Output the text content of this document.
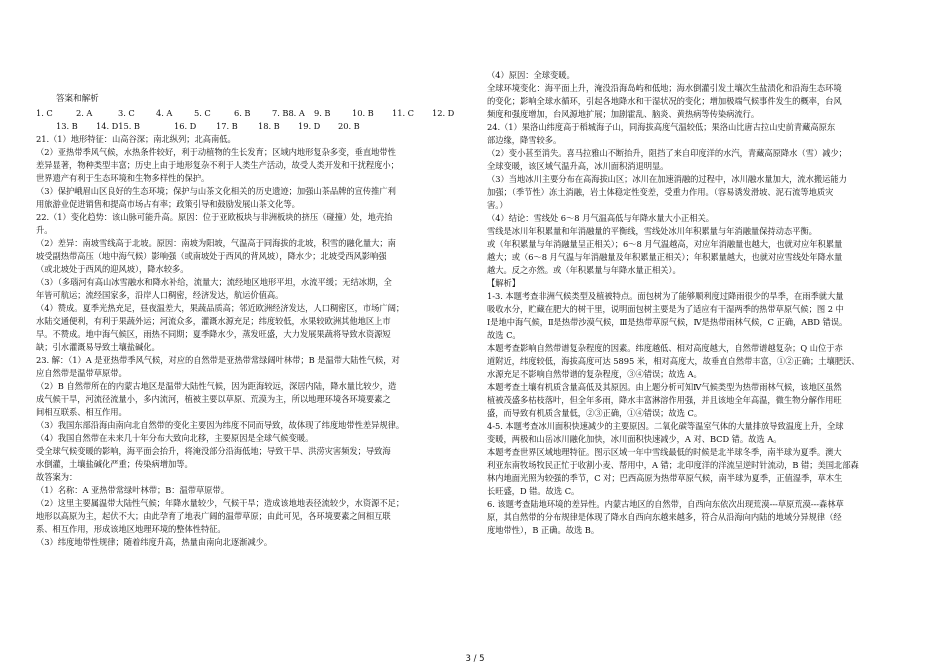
答案和解析
1. C	2. A	3. C	4. A	5. C	6. B	7. B8. A 9. B	10. B 11. C 12. D
13. B 14. D15. B	16. D 17. B 18. B 19. D 20. B
21.（1）地形特征：山高谷深；南北纵列；北高南低。
（2）亚热带季风气候，水热条件较好，利于动植物的生长发育；区域内地形复杂多变，垂直地带性
差异显著，物种类型丰富；历史上由于地形复杂不利于人类生产活动，故受人类开发和干扰程度小；
世界遗产有利于生态环境和生物多样性的保护。
（3）保护峨眉山区良好的生态环境；保护与山茶文化相关的历史遗迹；加强山茶品牌的宣传推广利
用旅游业促进销售和提高市场占有率；政策引导和鼓励发展山茶文化等。
22.（1）变化趋势：该山脉可能升高。原因：位于亚欧板块与非洲板块的挤压（碰撞）处，地壳抬
升。
（2）差异：南坡雪线高于北坡。原因：南坡为阳坡，气温高于同海拔的北坡，积雪的融化量大；南
坡受副热带高压（地中海气候）影响强（或南坡处于西风的背风坡），降水少；北坡受西风影响强
（或北坡处于西风的迎风坡），降水较多。
（3）（多瑙河有高山冰雪融水和降水补给，流量大；流经地区地形平坦，水流平缓；无结冰期，全
年皆可航运；流经国家多，沿岸人口稠密，经济发达，航运价值高。
（4）赞成。夏季光热充足，昼夜温差大，果蔬品质高；邻近欧洲经济发达，人口稠密区，市场广阔；
水陆交通便利，有利于果蔬外运；河流众多，灌溉水源充足；纬度较低，水果较欧洲其他地区上市
早。不赞成。地中海气候区，雨热不同期；夏季降水少，蒸发旺盛，大力发展果蔬将导致水资源短
缺；引水灌溉易导致土壤盐碱化。
23. 解：（1）A 是亚热带季风气候，对应的自然带是亚热带常绿阔叶林带；B 是温带大陆性气候，对
应自然带是温带草原带。
（2）B 自然带所在的内蒙古地区是温带大陆性气候，因为距海较远，深居内陆，降水量比较少，造
成气候干旱，河流径流量小，多内流河，植被主要以草原、荒漠为主，所以地理环境各环境要素之
间相互联系、相互作用。
（3）我国东部沿海由南向北自然带的变化主要因为纬度不同而导致，故体现了纬度地带性差异规律。
（4）我国自然带在未来几十年分布大致向北移，主要原因是全球气候变暖。
受全球气候变暖的影响，海平面会抬升，将淹没部分沿海低地；导致干旱、洪涝灾害频发；导致海
水倒灌，土壤盐碱化严重；传染病增加等。
故答案为：
（1）名称：A 亚热带常绿叶林带；B：温带草原带。
（2）这里主要属温带大陆性气候；年降水量较少，气候干旱；造成该地地表径流较少，水资源不足；
地形以高原为主，起伏不大；由此孕育了地表广阔的温带草原；由此可见，各环境要素之间相互联
系、相互作用，形成该地区地理环境的整体性特征。
（3）纬度地带性规律；随着纬度升高，热量由南向北逐渐减少。
（4）原因：全球变暖。
全球环境变化：海平面上升，淹没沿海岛屿和低地；海水倒灌引发土壤次生盐渍化和沿海生态环境
的变化；影响全球水循环，引起各地降水和干湿状况的变化；增加极端气候事件发生的概率，台风
频度和强度增加，台风源地扩展；加剧霍乱、脑炎、黄热病等传染病流行。
24.（1）果洛山纬度高于稻城海子山，同海拔高度气温较低；果洛山比唐古拉山史前青藏高原东
部边缘，降雪较多。
（2）变小甚至消失。喜马拉雅山不断抬升，阻挡了来自印度洋的水汽，青藏高原降水（雪）减少；
全球变暖，该区域气温升高，冰川面积消退明显。
（3）当地冰川主要分布在高海拔山区；冰川在加速消融的过程中，冰川融水量加大，流水搬运能力
加强；（季节性）冻土消融，岩土体稳定性变差，受重力作用。（容易诱发滑坡、泥石流等地质灾
害。）
（4）结论：雪线处 6～8 月气温高低与年降水量大小正相关。
雪线是冰川年积累量和年消融量的平衡线，雪线处冰川年积累量与年消融量保持动态平衡。
或（年积累量与年消融量呈正相关）；6～8 月气温越高，对应年消融量也越大，也就对应年积累量
越大；或（6～8 月气温与年消融量及年积累量正相关）；年积累量越大，也就对应雪线处年降水量
越大。反之亦然。或（年积累量与年降水量正相关）。
【解析】
1-3. 本题考查非洲气候类型及植被特点。面包树为了能够顺利度过降雨很少的旱季，在雨季就大量
吸收水分，贮藏在肥大的树干里，说明面包树主要是为了适应有干湿两季的热带草原气候；图 2 中
Ⅰ是地中海气候，Ⅱ是热带沙漠气候，Ⅲ是热带草原气候，Ⅳ是热带雨林气候，C 正确，ABD 错误。
故选 C。
本题考查影响自然带谱复杂程度的因素。纬度越低、相对高度越大，自然带谱越复杂；Q 山位于赤
道附近，纬度较低，海拔高度可达 5895 米，相对高度大，故垂直自然带丰富，①②正确；土壤肥沃、
水源充足不影响自然带谱的复杂程度，③④错误；故选 A。
本题考查土壤有机质含量高低及其原因。由上题分析可知Ⅳ气候类型为热带雨林气候，该地区虽然
植被茂盛多枯枝落叶，但全年多雨，降水丰富淋溶作用强，并且该地全年高温，微生物分解作用旺
盛，而导致有机质含量低，②③正确，①④错误；故选 C。
4-5. 本题考查冰川面积快速减少的主要原因。二氧化碳等温室气体的大量排放导致温度上升，全球
变暖，两极和山岳冰川融化加快，冰川面积快速减少，A 对、BCD 错。故选 A。
本题考查世界区域地理特征。图示区域一年中雪线最低的时候是北半球冬季，南半球为夏季。澳大
利亚东南牧场牧民正忙于收割小麦、帮用中，A 错；北印度洋的洋流呈逆时针流动，B 错；美国北部森
林内地面光照为较强的季节，C 对；巴西高原为热带草原气候，南半球为夏季，正值湿季，草木生
长旺盛，D 错。故选 C。
6. 该题考查陆地环境的差异性。内蒙古地区的自然带，自西向东依次出现荒漠---草原荒漠---森林草
原，其自然带的分布规律是体现了降水自西向东越来越多，符合从沿海向内陆的地域分异规律（经
度地带性），B 正确。故选 B。
3 / 5
